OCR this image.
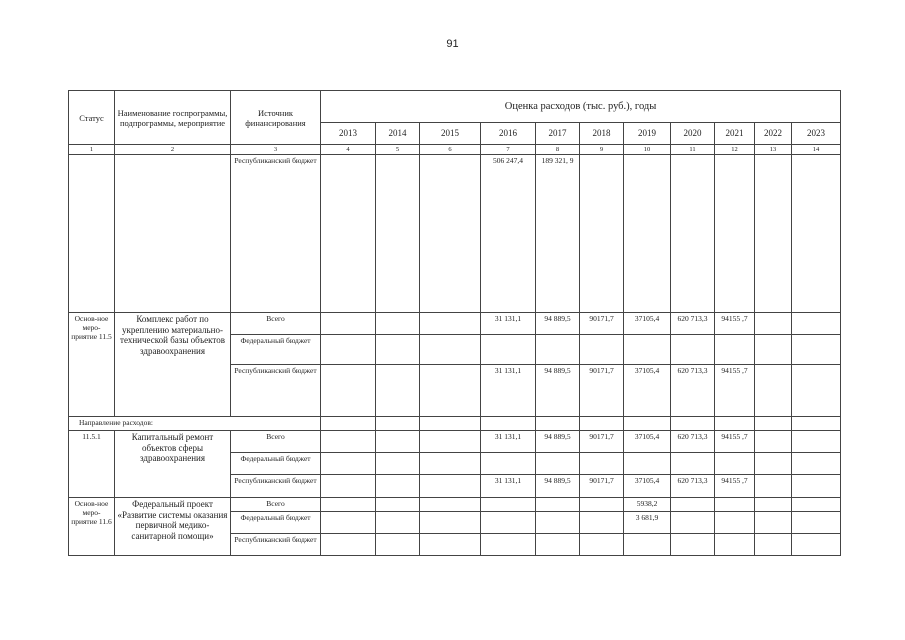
91
Статус	Наименование госпрограммы, подпрограммы, мероприятие	Источник финансирования	Оценка расходов (тыс. руб.), годы										
			2013	2014	2015	2016	2017	2018	2019	2020	2021	2022	2023
1	2	3	4	5	6	7	8	9	10	11	12	13	14
		Республиканский бюджет				506 247,4	189 321, 9						
Основ-ное меро-приятие 11.5	Комплекс работ по укреплению материально-технической базы объектов здравоохранения	Всего				31 131,1	94 889,5	90171,7	37105,4	620 713,3	94155 ,7		
		Федеральный бюджет											
		Республиканский бюджет				31 131,1	94 889,5	90171,7	37105,4	620 713,3	94155 ,7		
Направление расходов:													
11.5.1	Капитальный ремонт объектов сферы здравоохранения	Всего				31 131,1	94 889,5	90171,7	37105,4	620 713,3	94155 ,7		
		Федеральный бюджет											
		Республиканский бюджет				31 131,1	94 889,5	90171,7	37105,4	620 713,3	94155 ,7		
Основ-ное меро-приятие 11.6	Федеральный проект «Развитие системы оказания первичной медико-санитарной помощи»	Всего							5938,2				
		Федеральный бюджет							3 681,9				
		Республиканский бюджет											
